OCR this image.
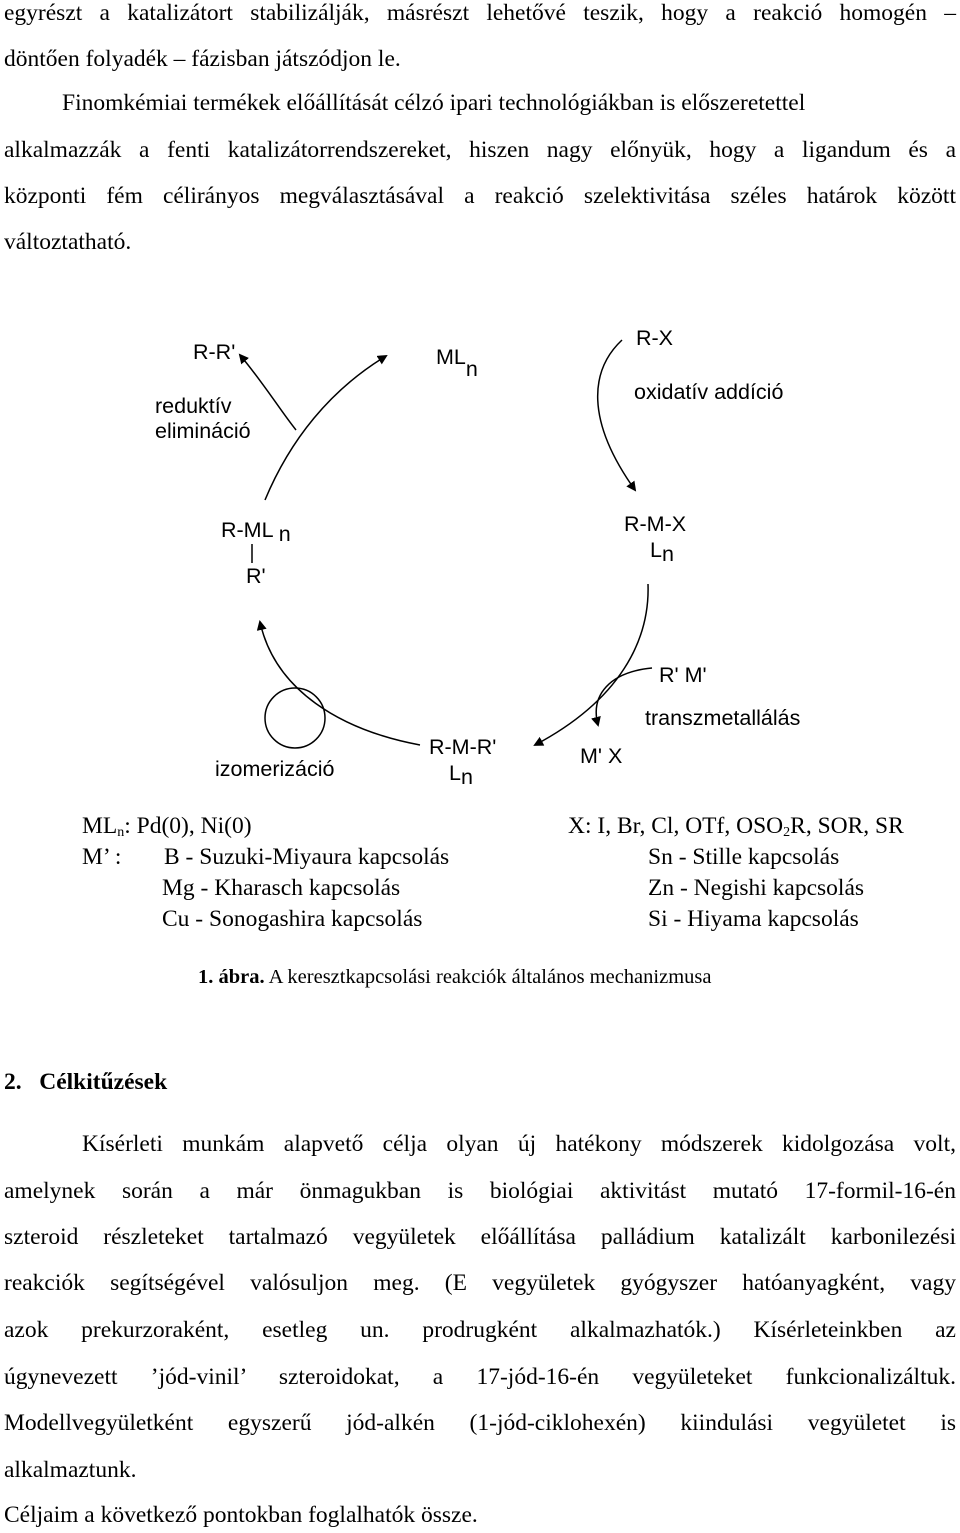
egyrészt a katalizátort stabilizálják, másrészt lehetővé teszik, hogy a reakció homogén –
döntően folyadék – fázisban játszódjon le.
Finomkémiai termékek előállítását célzó ipari technológiákban is előszeretettel
alkalmazzák a fenti katalizátorrendszereket, hiszen nagy előnyük, hogy a ligandum és a
központi fém célirányos megválasztásával a reakció szelektivitása széles határok között
változtatható.
R-R'
reduktív
elimináció
$ML_n$
R-X
oxidatív addíció
R-ML n
R'
R-M-X
Ln
R' M'
transzmetallálás
M' X
izomerizáció
R-M-R'
Ln
$ML_n$: Pd(0), Ni(0)	X: I, Br, Cl, OTf, $OSO_2R$, SOR, SR
M’ : B - Suzuki-Miyaura kapcsolás	Sn - Stille kapcsolás
Mg - Kharasch kapcsolás	Zn - Negishi kapcsolás
Cu - Sonogashira kapcsolás	Si - Hiyama kapcsolás
1. ábra. A keresztkapcsolási reakciók általános mechanizmusa
2. Célkitűzések
Kísérleti munkám alapvető célja olyan új hatékony módszerek kidolgozása volt,
amelynek során a már önmagukban is biológiai aktivitást mutató 17-formil-16-én
szteroid részleteket tartalmazó vegyületek előállítása palládium katalizált karbonilezési
reakciók segítségével valósuljon meg. (E vegyületek gyógyszer hatóanyagként, vagy
azok prekurzoraként, esetleg un. prodrugként alkalmazhatók.) Kísérleteinkben az
úgynevezett ’jód-vinil’ szteroidokat, a 17-jód-16-én vegyületeket funkcionalizáltuk.
Modellvegyületként egyszerű jód-alkén (1-jód-ciklohexén) kiindulási vegyületet is
alkalmaztunk.
Céljaim a következő pontokban foglalhatók össze.
